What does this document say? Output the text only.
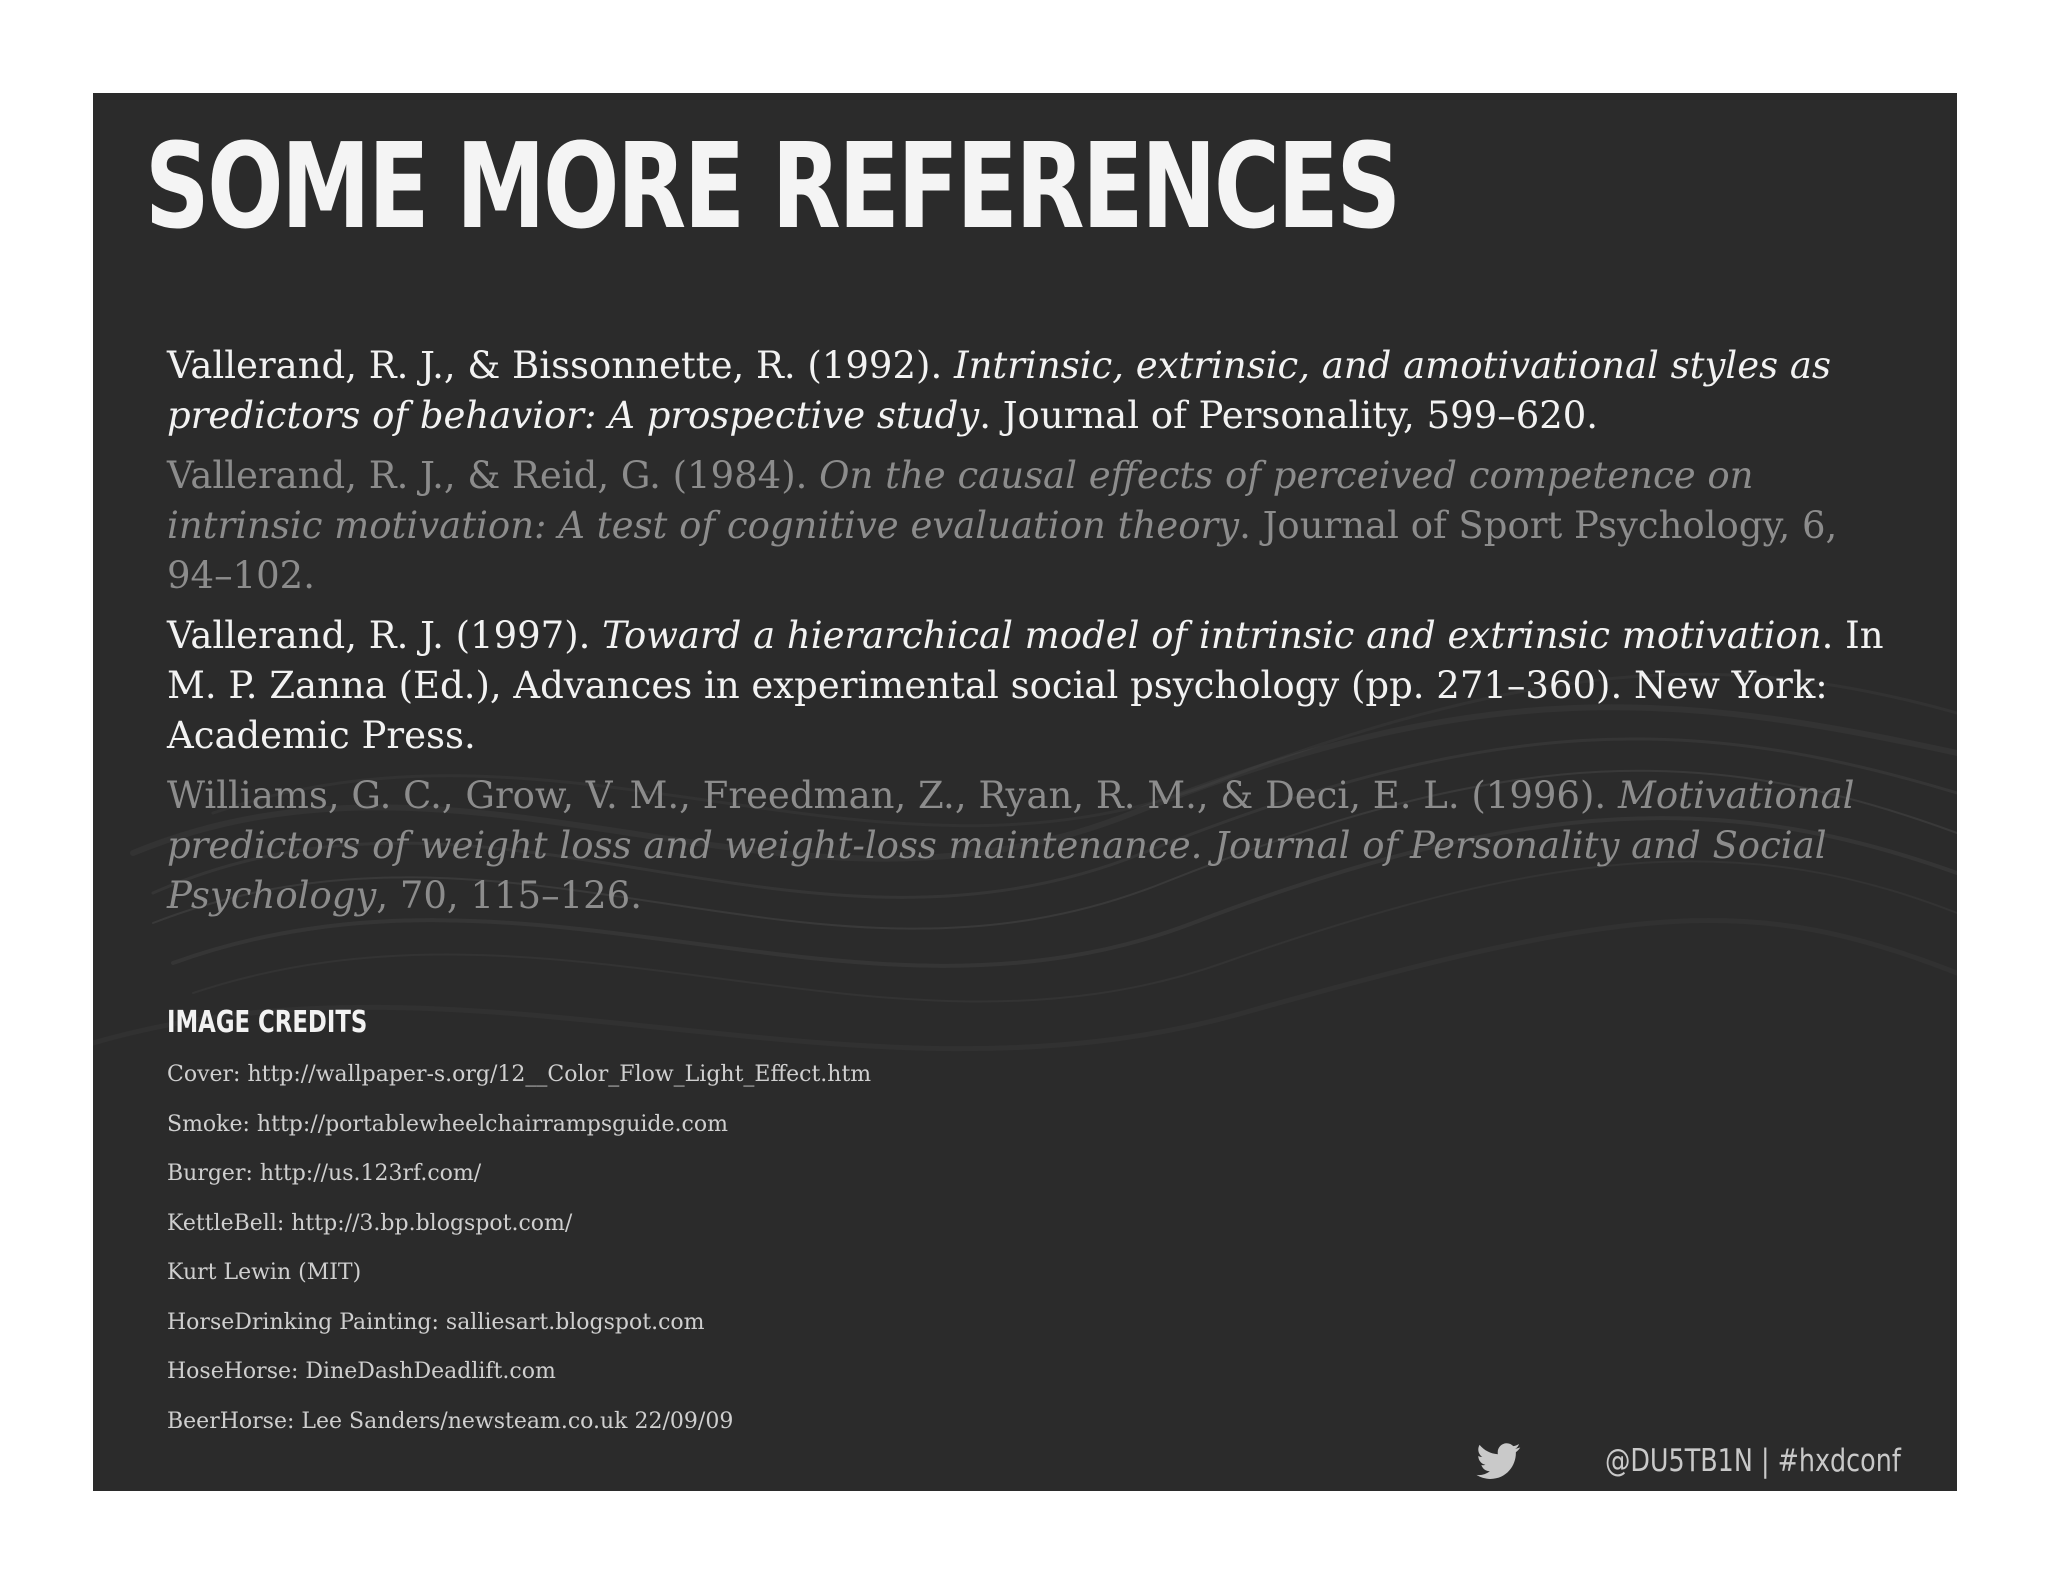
SOME MORE REFERENCES

Vallerand, R. J., & Bissonnette, R. (1992). Intrinsic, extrinsic, and amotivational styles as predictors of behavior: A prospective study. Journal of Personality, 599–620.

Vallerand, R. J., & Reid, G. (1984). On the causal effects of perceived competence on intrinsic motivation: A test of cognitive evaluation theory. Journal of Sport Psychology, 6, 94–102.

Vallerand, R. J. (1997). Toward a hierarchical model of intrinsic and extrinsic motivation. In M. P. Zanna (Ed.), Advances in experimental social psychology (pp. 271–360). New York: Academic Press.

Williams, G. C., Grow, V. M., Freedman, Z., Ryan, R. M., & Deci, E. L. (1996). Motivational predictors of weight loss and weight-loss maintenance. Journal of Personality and Social Psychology, 70, 115–126.

IMAGE CREDITS
Cover: http://wallpaper-s.org/12__Color_Flow_Light_Effect.htm
Smoke: http://portablewheelchairrampsguide.com
Burger: http://us.123rf.com/
KettleBell: http://3.bp.blogspot.com/
Kurt Lewin (MIT)
HorseDrinking Painting: salliesart.blogspot.com
HoseHorse: DineDashDeadlift.com
BeerHorse: Lee Sanders/newsteam.co.uk 22/09/09
@DU5TB1N | #hxdconf
